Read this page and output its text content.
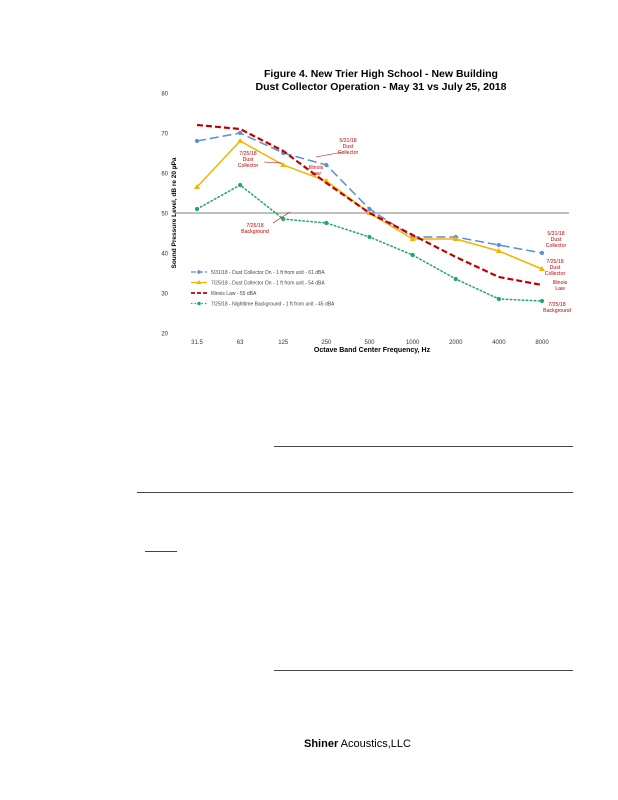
Figure 4. New Trier High School - New Building
Dust Collector Operation - May 31 vs July 25, 2018
Sound Pressure Level, dB re 20 µPa
Octave Band Center Frequency, Hz
20
30
40
50
60
70
80
31.5	63	125	250	500	1000	2000	4000	8000
5/31/18 - Dust Collector On - 1 ft from unit - 61 dBA
7/25/18 - Dust Collector On - 1 ft from unit - 54 dBA
Illinois Law - 55 dBA
7/25/18 - Nighttime Background - 1 ft from unit - 45 dBA
5/31/18 Dust Collector
7/25/18 Dust Collector	Illinois Law
7/25/18 Background	5/31/18 Dust Collector
7/25/18 Dust Collector
Illinois Law
7/25/18 Background
Shiner Acoustics,LLC
